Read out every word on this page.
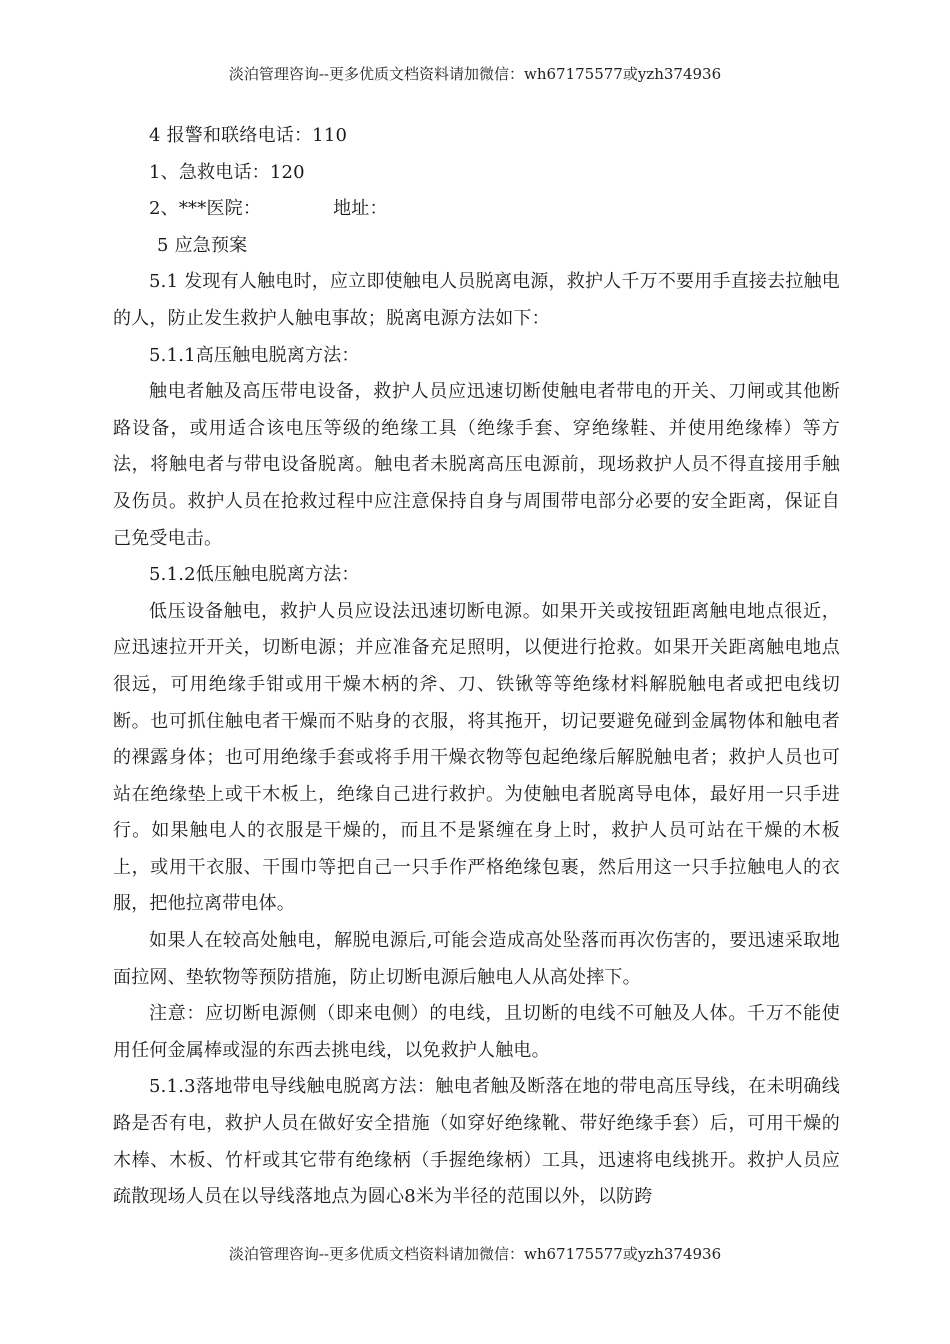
淡泊管理咨询--更多优质文档资料请加微信：wh67175577或yzh374936

4 报警和联络电话：110

1、急救电话：120

2、***医院：	地址：

5 应急预案

5.1 发现有人触电时，应立即使触电人员脱离电源，救护人千万不要用手直接去拉触电的人，防止发生救护人触电事故；脱离电源方法如下：

5.1.1高压触电脱离方法：

触电者触及高压带电设备，救护人员应迅速切断使触电者带电的开关、刀闸或其他断路设备，或用适合该电压等级的绝缘工具（绝缘手套、穿绝缘鞋、并使用绝缘棒）等方法，将触电者与带电设备脱离。触电者未脱离高压电源前，现场救护人员不得直接用手触及伤员。救护人员在抢救过程中应注意保持自身与周围带电部分必要的安全距离，保证自己免受电击。

5.1.2低压触电脱离方法：

低压设备触电，救护人员应设法迅速切断电源。如果开关或按钮距离触电地点很近，应迅速拉开开关，切断电源；并应准备充足照明，以便进行抢救。如果开关距离触电地点很远，可用绝缘手钳或用干燥木柄的斧、刀、铁锹等等绝缘材料解脱触电者或把电线切断。也可抓住触电者干燥而不贴身的衣服，将其拖开，切记要避免碰到金属物体和触电者的裸露身体；也可用绝缘手套或将手用干燥衣物等包起绝缘后解脱触电者；救护人员也可站在绝缘垫上或干木板上，绝缘自己进行救护。为使触电者脱离导电体，最好用一只手进行。如果触电人的衣服是干燥的，而且不是紧缠在身上时，救护人员可站在干燥的木板上，或用干衣服、干围巾等把自己一只手作严格绝缘包裹，然后用这一只手拉触电人的衣服，把他拉离带电体。

如果人在较高处触电，解脱电源后,可能会造成高处坠落而再次伤害的，要迅速采取地面拉网、垫软物等预防措施，防止切断电源后触电人从高处摔下。

注意：应切断电源侧（即来电侧）的电线，且切断的电线不可触及人体。千万不能使用任何金属棒或湿的东西去挑电线，以免救护人触电。

5.1.3落地带电导线触电脱离方法：触电者触及断落在地的带电高压导线，在未明确线路是否有电，救护人员在做好安全措施（如穿好绝缘靴、带好绝缘手套）后，可用干燥的木棒、木板、竹杆或其它带有绝缘柄（手握绝缘柄）工具，迅速将电线挑开。救护人员应疏散现场人员在以导线落地点为圆心8米为半径的范围以外，以防跨

淡泊管理咨询--更多优质文档资料请加微信：wh67175577或yzh374936
